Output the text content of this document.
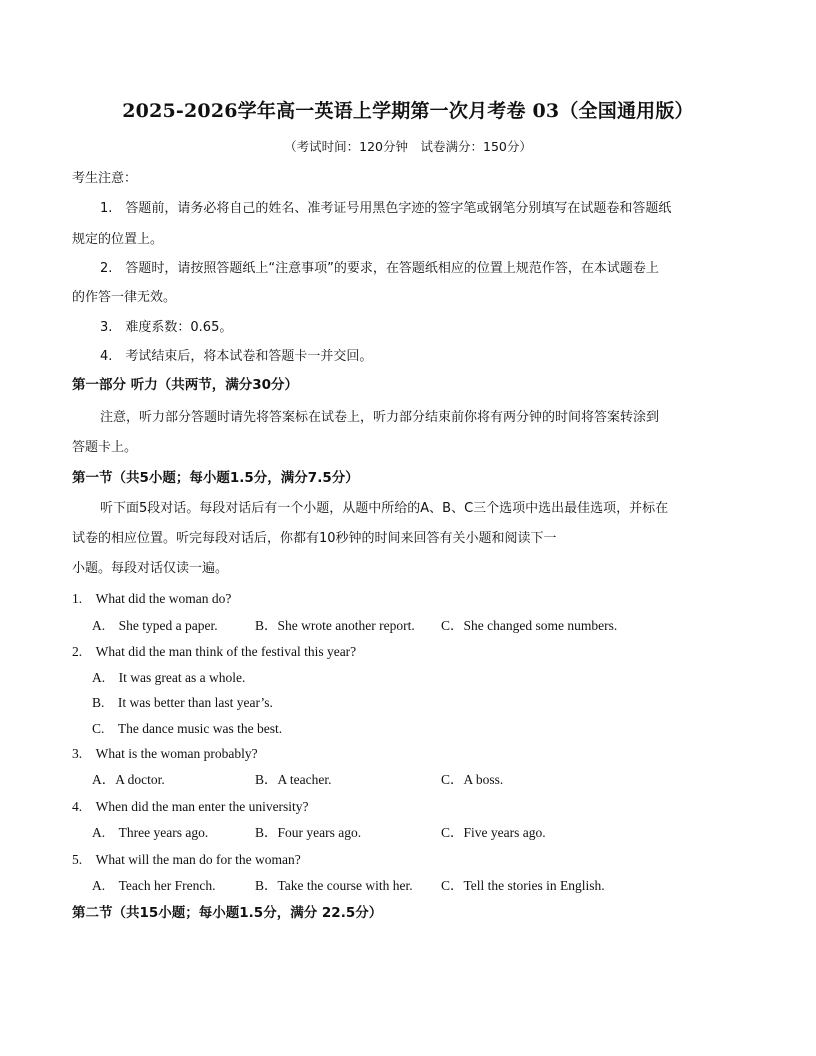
2025-2026学年高一英语上学期第一次月考卷 03（全国通用版）
（考试时间：120分钟　试卷满分：150分）
考生注意：
1.　答题前，请务必将自己的姓名、准考证号用黑色字迹的签字笔或钢笔分别填写在试题卷和答题纸
规定的位置上。
2.　答题时，请按照答题纸上“注意事项”的要求，在答题纸相应的位置上规范作答，在本试题卷上
的作答一律无效。
3.　难度系数：0.65。
4.　考试结束后，将本试卷和答题卡一并交回。
第一部分 听力（共两节，满分30分）
注意，听力部分答题时请先将答案标在试卷上，听力部分结束前你将有两分钟的时间将答案转涂到
答题卡上。
第一节（共5小题；每小题1.5分，满分7.5分）
听下面5段对话。每段对话后有一个小题，从题中所给的A、B、C三个选项中选出最佳选项，并标在
试卷的相应位置。听完每段对话后，你都有10秒钟的时间来回答有关小题和阅读下一
小题。每段对话仅读一遍。
1.　What did the woman do?
A.　She typed a paper.	B．She wrote another report. C．She changed some numbers.
2.　What did the man think of the festival this year?
A.　It was great as a whole.
B.　It was better than last year’s.
C.　The dance music was the best.
3.　What is the woman probably?
A．A doctor.	B．A teacher.	C．A boss.
4.　When did the man enter the university?
A.　Three years ago.	B．Four years ago.	C．Five years ago.
5.　What will the man do for the woman?
A.　Teach her French.	B．Take the course with her. C．Tell the stories in English.
第二节（共15小题；每小题1.5分，满分 22.5分）
